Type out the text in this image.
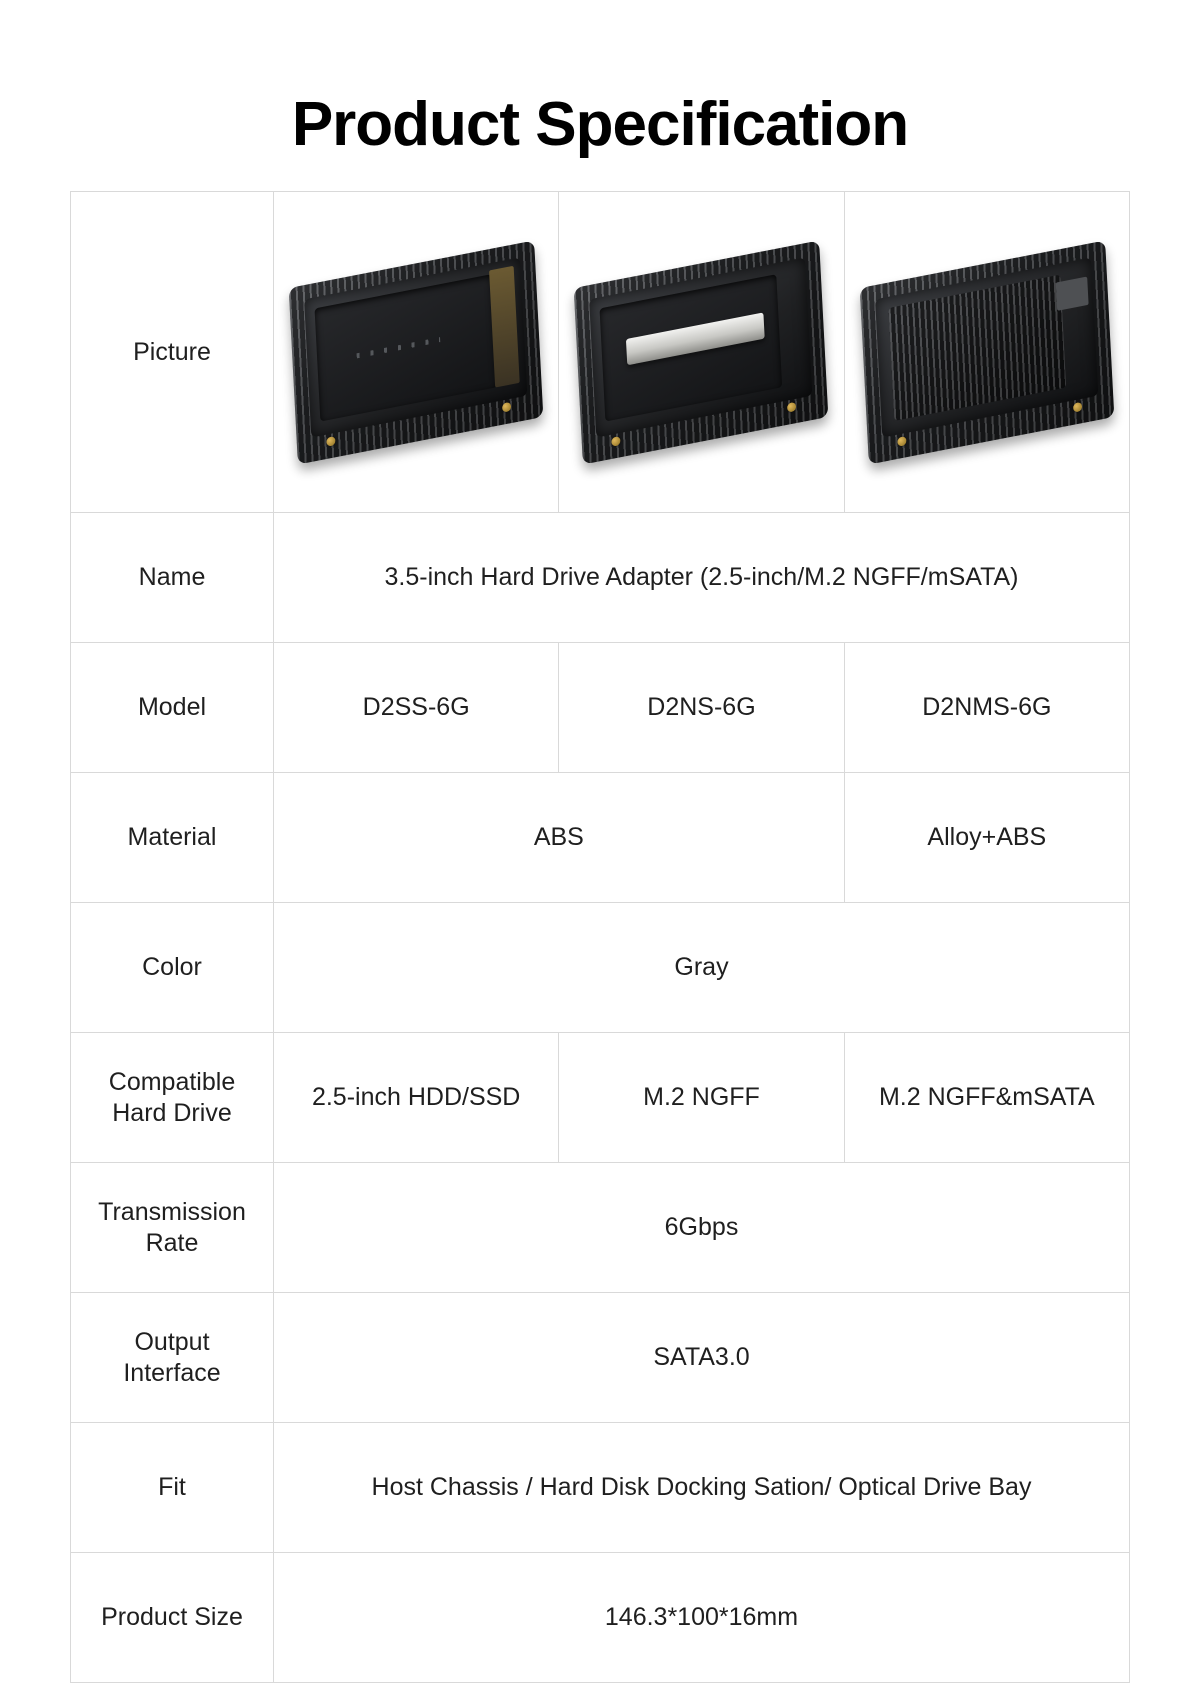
Product Specification
Picture	

Name	3.5-inch Hard Drive Adapter (2.5-inch/M.2 NGFF/mSATA)		
Model	D2SS-6G	D2NS-6G	D2NMS-6G
Material	ABS		Alloy+ABS
Color	Gray		
Compatible
Hard Drive	2.5-inch HDD/SSD	M.2 NGFF	M.2 NGFF&mSATA
Transmission
Rate	6Gbps		
Output
Interface	SATA3.0		
Fit	Host Chassis / Hard Disk Docking Sation/ Optical Drive Bay		
Product Size	146.3*100*16mm		
